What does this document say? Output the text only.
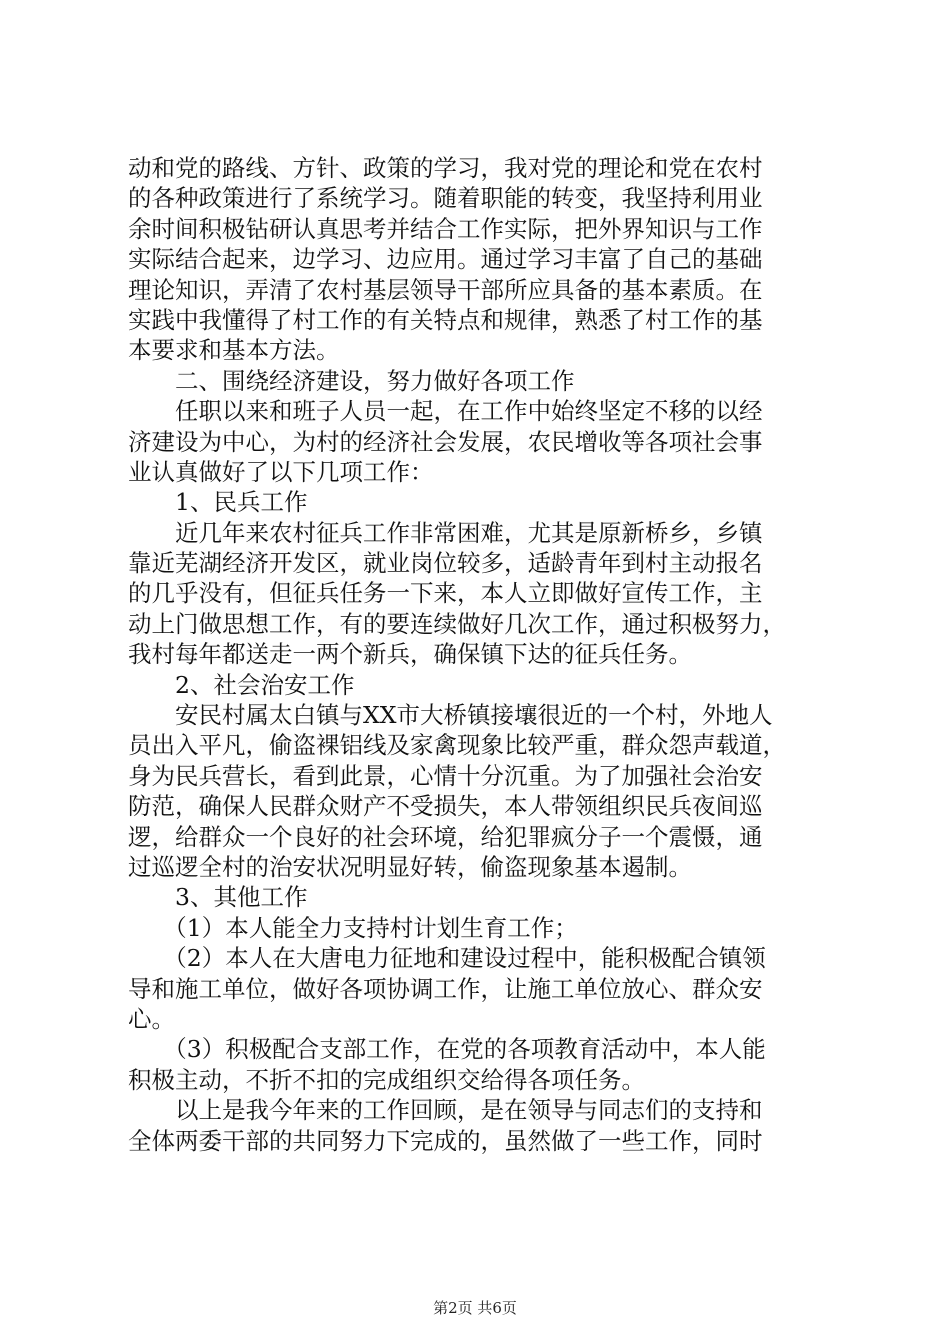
动和党的路线、方针、政策的学习，我对党的理论和党在农村
的各种政策进行了系统学习。随着职能的转变，我坚持利用业
余时间积极钻研认真思考并结合工作实际，把外界知识与工作
实际结合起来，边学习、边应用。通过学习丰富了自己的基础
理论知识，弄清了农村基层领导干部所应具备的基本素质。在
实践中我懂得了村工作的有关特点和规律，熟悉了村工作的基
本要求和基本方法。
　　二、围绕经济建设，努力做好各项工作
　　任职以来和班子人员一起，在工作中始终坚定不移的以经
济建设为中心，为村的经济社会发展，农民增收等各项社会事
业认真做好了以下几项工作：
　　1、民兵工作
　　近几年来农村征兵工作非常困难，尤其是原新桥乡，乡镇
靠近芜湖经济开发区，就业岗位较多，适龄青年到村主动报名
的几乎没有，但征兵任务一下来，本人立即做好宣传工作，主
动上门做思想工作，有的要连续做好几次工作，通过积极努力，
我村每年都送走一两个新兵，确保镇下达的征兵任务。
　　2、社会治安工作
　　安民村属太白镇与XX市大桥镇接壤很近的一个村，外地人
员出入平凡，偷盗裸铝线及家禽现象比较严重，群众怨声载道，
身为民兵营长，看到此景，心情十分沉重。为了加强社会治安
防范，确保人民群众财产不受损失，本人带领组织民兵夜间巡
逻，给群众一个良好的社会环境，给犯罪疯分子一个震慑，通
过巡逻全村的治安状况明显好转，偷盗现象基本遏制。
　　3、其他工作
　　（1）本人能全力支持村计划生育工作；
　　（2）本人在大唐电力征地和建设过程中，能积极配合镇领
导和施工单位，做好各项协调工作，让施工单位放心、群众安
心。
　　（3）积极配合支部工作，在党的各项教育活动中，本人能
积极主动，不折不扣的完成组织交给得各项任务。
　　以上是我今年来的工作回顾，是在领导与同志们的支持和
全体两委干部的共同努力下完成的，虽然做了一些工作，同时
第2页 共6页
